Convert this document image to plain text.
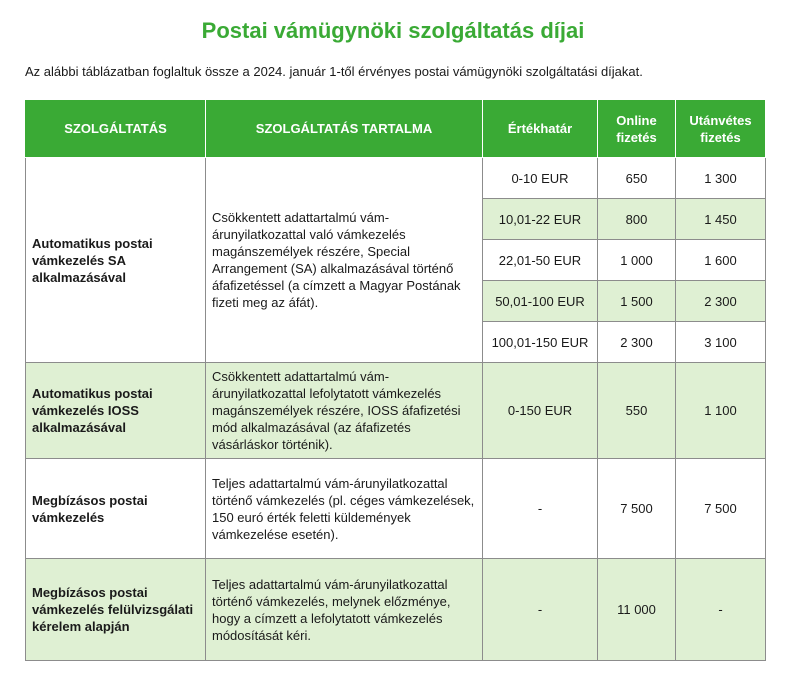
Postai vámügynöki szolgáltatás díjai
Az alábbi táblázatban foglaltuk össze a 2024. január 1-től érvényes postai vámügynöki szolgáltatási díjakat.
SZOLGÁLTATÁS	SZOLGÁLTATÁS TARTALMA	Értékhatár	Online fizetés	Utánvétes fizetés
Automatikus postai vámkezelés SA alkalmazásával	Csökkentett adattartalmú vám-árunyilatkozattal való vámkezelés magánszemélyek részére, Special Arrangement (SA) alkalmazásával történő áfafizetéssel (a címzett a Magyar Postának fizeti meg az áfát).	0-10 EUR	650	1 300
		10,01-22 EUR	800	1 450
		22,01-50 EUR	1 000	1 600
		50,01-100 EUR	1 500	2 300
		100,01-150 EUR	2 300	3 100
Automatikus postai vámkezelés IOSS alkalmazásával	Csökkentett adattartalmú vám-árunyilatkozattal lefolytatott vámkezelés magánszemélyek részére, IOSS áfafizetési mód alkalmazásával (az áfafizetés vásárláskor történik).	0-150 EUR	550	1 100
Megbízásos postai vámkezelés	Teljes adattartalmú vám-árunyilatkozattal történő vámkezelés (pl. céges vámkezelések, 150 euró érték feletti küldemények vámkezelése esetén).	-	7 500	7 500
Megbízásos postai vámkezelés felülvizsgálati kérelem alapján	Teljes adattartalmú vám-árunyilatkozattal történő vámkezelés, melynek előzménye, hogy a címzett a lefolytatott vámkezelés módosítását kéri.	-	11 000	-
